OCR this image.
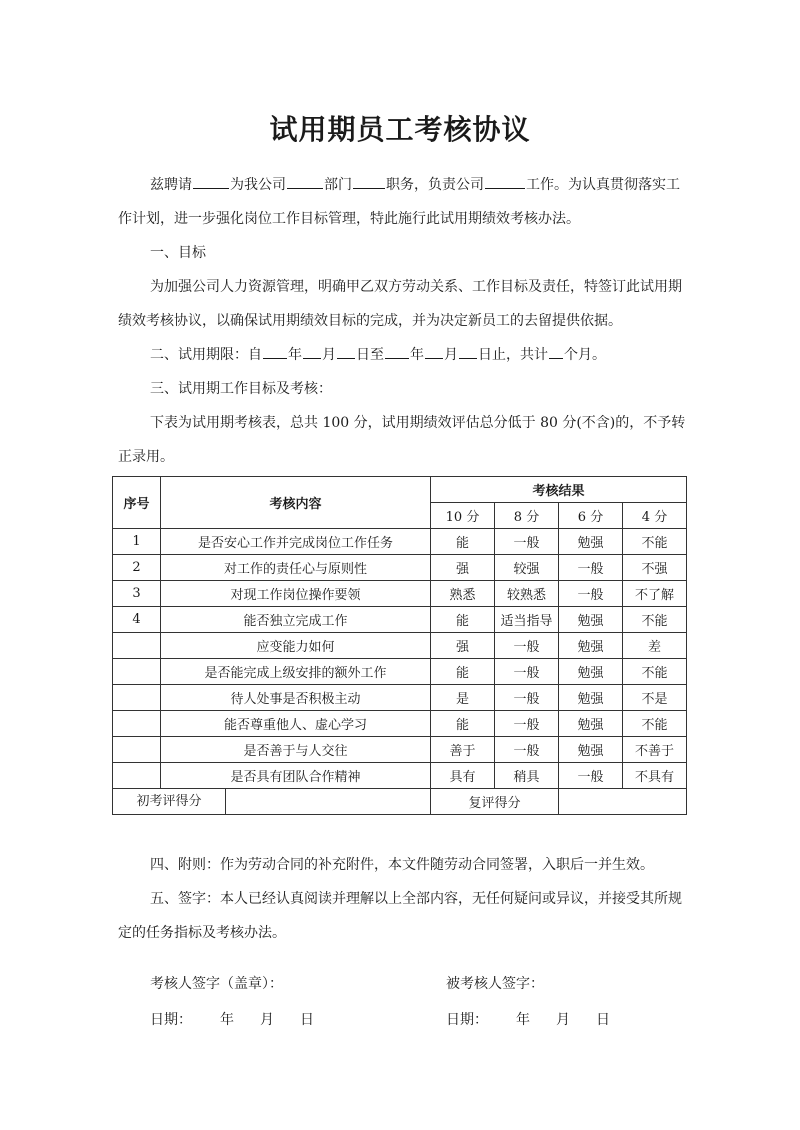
试用期员工考核协议

兹聘请	为我公司	部门 职务，负责公司	工作。为认真贯彻落实工作计划，进一步强化岗位工作目标管理，特此施行此试用期绩效考核办法。

一、目标

为加强公司人力资源管理，明确甲乙双方劳动关系、工作目标及责任，特签订此试用期绩效考核协议，以确保试用期绩效目标的完成，并为决定新员工的去留提供依据。

二、试用期限：自 年 月 日至 年 月 日止，共计 个月。

三、试用期工作目标及考核：

下表为试用期考核表，总共 100 分，试用期绩效评估总分低于 80 分(不含)的，不予转正录用。

序号	考核内容	考核结果			
		10 分	8 分	6 分	4 分
1	是否安心工作并完成岗位工作任务	能	一般	勉强	不能
2	对工作的责任心与原则性	强	较强	一般	不强
3	对现工作岗位操作要领	熟悉	较熟悉	一般	不了解
4	能否独立完成工作	能	适当指导	勉强	不能
	应变能力如何	强	一般	勉强	差
	是否能完成上级安排的额外工作	能	一般	勉强	不能
	待人处事是否积极主动	是	一般	勉强	不是
	能否尊重他人、虚心学习	能	一般	勉强	不能
	是否善于与人交往	善于	一般	勉强	不善于
	是否具有团队合作精神	具有	稍具	一般	不具有

初考评得分		复评得分			

四、附则：作为劳动合同的补充附件，本文件随劳动合同签署，入职后一并生效。

五、签字：本人已经认真阅读并理解以上全部内容，无任何疑问或异议，并接受其所规定的任务指标及考核办法。

考核人签字（盖章）：	被考核人签字：
日期： 年 月 日	日期： 年 月 日
